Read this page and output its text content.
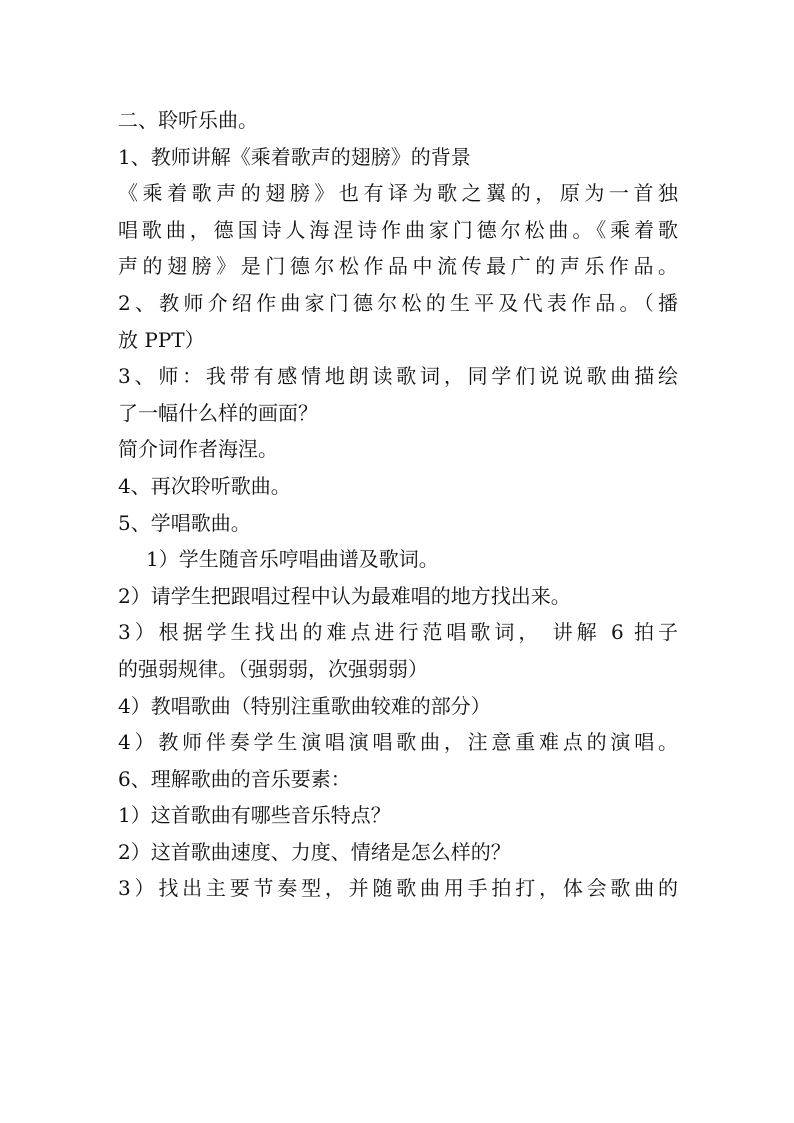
二、聆听乐曲。
1、教师讲解《乘着歌声的翅膀》的背景
《乘着歌声的翅膀》也有译为歌之翼的，原为一首独
唱歌曲，德国诗人海涅诗作曲家门德尔松曲。《乘着歌
声的翅膀》是门德尔松作品中流传最广的声乐作品。
2、教师介绍作曲家门德尔松的生平及代表作品。（播
放 PPT）
3、师：我带有感情地朗读歌词，同学们说说歌曲描绘
了一幅什么样的画面？
简介词作者海涅。
4、再次聆听歌曲。
5、学唱歌曲。
1）学生随音乐哼唱曲谱及歌词。
2）请学生把跟唱过程中认为最难唱的地方找出来。
3）根据学生找出的难点进行范唱歌词， 讲解 6 拍子
的强弱规律。（强弱弱，次强弱弱）
4）教唱歌曲（特别注重歌曲较难的部分）
4）教师伴奏学生演唱演唱歌曲，注意重难点的演唱。
6、理解歌曲的音乐要素：
1）这首歌曲有哪些音乐特点？
2）这首歌曲速度、力度、情绪是怎么样的？
3）找出主要节奏型，并随歌曲用手拍打，体会歌曲的
